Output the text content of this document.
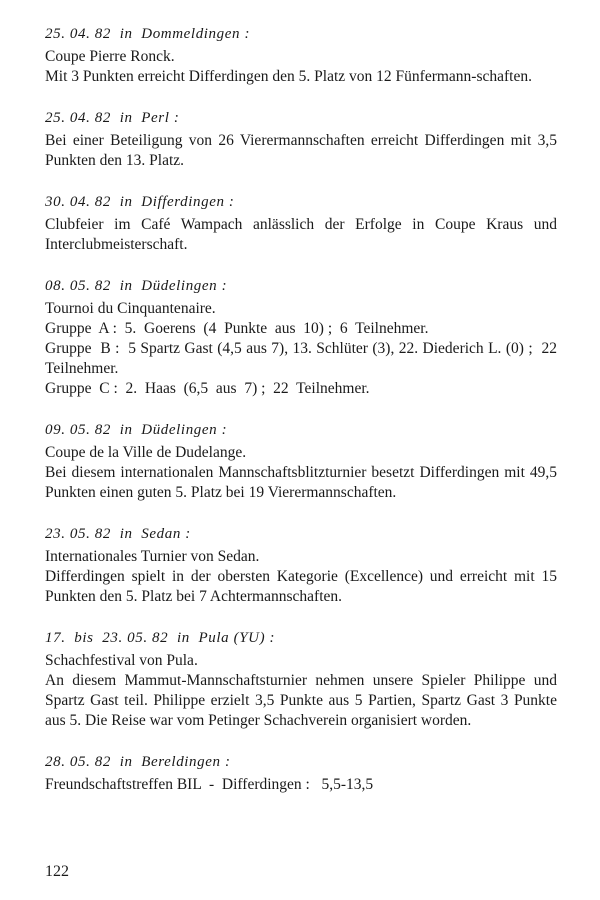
25. 04. 82  in  Dommeldingen :

Coupe Pierre Ronck.

Mit 3 Punkten erreicht Differdingen den 5. Platz von 12 Fünfermann-schaften.

25. 04. 82  in  Perl :

Bei einer Beteiligung von 26 Vierermannschaften erreicht Differdingen mit 3,5 Punkten den 13. Platz.

30. 04. 82  in  Differdingen :

Clubfeier im Café Wampach anlässlich der Erfolge in Coupe Kraus und Interclubmeisterschaft.

08. 05. 82  in  Düdelingen :

Tournoi du Cinquantenaire.

Gruppe  A :  5.  Goerens  (4  Punkte  aus  10) ;  6  Teilnehmer.

Gruppe  B :  5 Spartz Gast (4,5 aus 7), 13. Schlüter (3), 22. Diederich L. (0) ;  22  Teilnehmer.

Gruppe  C :  2.  Haas  (6,5  aus  7) ;  22  Teilnehmer.

09. 05. 82  in  Düdelingen :

Coupe de la Ville de Dudelange.

Bei diesem internationalen Mannschaftsblitzturnier besetzt Differdingen mit 49,5 Punkten einen guten 5. Platz bei 19 Vierermannschaften.

23. 05. 82  in  Sedan :

Internationales Turnier von Sedan.

Differdingen spielt in der obersten Kategorie (Excellence) und erreicht mit 15 Punkten den 5. Platz bei 7 Achtermannschaften.

17.  bis  23. 05. 82  in  Pula (YU) :

Schachfestival von Pula.

An diesem Mammut-Mannschaftsturnier nehmen unsere Spieler Philippe und Spartz Gast teil. Philippe erzielt 3,5 Punkte aus 5 Partien, Spartz Gast 3 Punkte aus 5. Die Reise war vom Petinger Schachverein organisiert worden.

28. 05. 82  in  Bereldingen :

Freundschaftstreffen BIL  -  Differdingen :   5,5-13,5

122
